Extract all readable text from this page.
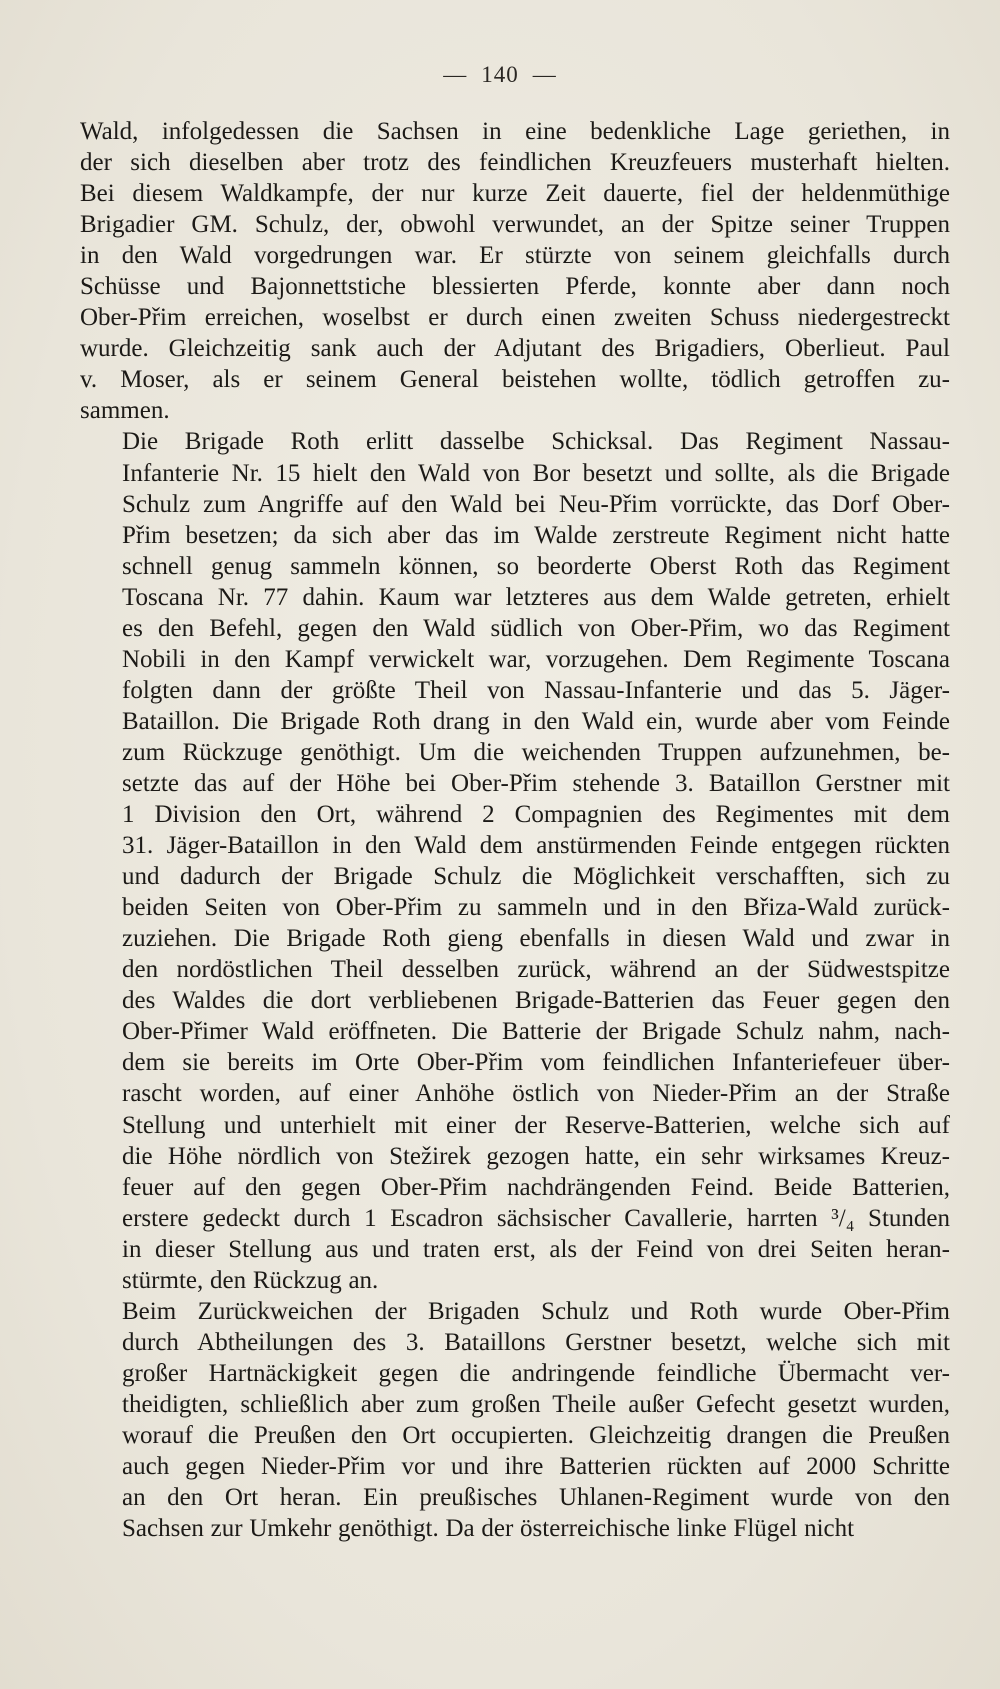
— 140 —

Wald, infolgedessen die Sachsen in eine bedenkliche Lage geriethen, in
der sich dieselben aber trotz des feindlichen Kreuzfeuers musterhaft hielten.
Bei diesem Waldkampfe, der nur kurze Zeit dauerte, fiel der heldenmüthige
Brigadier GM. Schulz, der, obwohl verwundet, an der Spitze seiner Truppen
in den Wald vorgedrungen war. Er stürzte von seinem gleichfalls durch
Schüsse und Bajonnettstiche blessierten Pferde, konnte aber dann noch
Ober-Přim erreichen, woselbst er durch einen zweiten Schuss niedergestreckt
wurde. Gleichzeitig sank auch der Adjutant des Brigadiers, Oberlieut. Paul
v. Moser, als er seinem General beistehen wollte, tödlich getroffen zu-
sammen.

Die Brigade Roth erlitt dasselbe Schicksal. Das Regiment Nassau-
Infanterie Nr. 15 hielt den Wald von Bor besetzt und sollte, als die Brigade
Schulz zum Angriffe auf den Wald bei Neu-Přim vorrückte, das Dorf Ober-
Přim besetzen; da sich aber das im Walde zerstreute Regiment nicht hatte
schnell genug sammeln können, so beorderte Oberst Roth das Regiment
Toscana Nr. 77 dahin. Kaum war letzteres aus dem Walde getreten, erhielt
es den Befehl, gegen den Wald südlich von Ober-Přim, wo das Regiment
Nobili in den Kampf verwickelt war, vorzugehen. Dem Regimente Toscana
folgten dann der größte Theil von Nassau-Infanterie und das 5. Jäger-
Bataillon. Die Brigade Roth drang in den Wald ein, wurde aber vom Feinde
zum Rückzuge genöthigt. Um die weichenden Truppen aufzunehmen, be-
setzte das auf der Höhe bei Ober-Přim stehende 3. Bataillon Gerstner mit
1 Division den Ort, während 2 Compagnien des Regimentes mit dem
31. Jäger-Bataillon in den Wald dem anstürmenden Feinde entgegen rückten
und dadurch der Brigade Schulz die Möglichkeit verschafften, sich zu
beiden Seiten von Ober-Přim zu sammeln und in den Břiza-Wald zurück-
zuziehen. Die Brigade Roth gieng ebenfalls in diesen Wald und zwar in
den nordöstlichen Theil desselben zurück, während an der Südwestspitze
des Waldes die dort verbliebenen Brigade-Batterien das Feuer gegen den
Ober-Přimer Wald eröffneten. Die Batterie der Brigade Schulz nahm, nach-
dem sie bereits im Orte Ober-Přim vom feindlichen Infanteriefeuer über-
rascht worden, auf einer Anhöhe östlich von Nieder-Přim an der Straße
Stellung und unterhielt mit einer der Reserve-Batterien, welche sich auf
die Höhe nördlich von Stežirek gezogen hatte, ein sehr wirksames Kreuz-
feuer auf den gegen Ober-Přim nachdrängenden Feind. Beide Batterien,
erstere gedeckt durch 1 Escadron sächsischer Cavallerie, harrten ³/₄ Stunden
in dieser Stellung aus und traten erst, als der Feind von drei Seiten heran-
stürmte, den Rückzug an.

Beim Zurückweichen der Brigaden Schulz und Roth wurde Ober-Přim
durch Abtheilungen des 3. Bataillons Gerstner besetzt, welche sich mit
großer Hartnäckigkeit gegen die andringende feindliche Übermacht ver-
theidigten, schließlich aber zum großen Theile außer Gefecht gesetzt wurden,
worauf die Preußen den Ort occupierten. Gleichzeitig drangen die Preußen
auch gegen Nieder-Přim vor und ihre Batterien rückten auf 2000 Schritte
an den Ort heran. Ein preußisches Uhlanen-Regiment wurde von den
Sachsen zur Umkehr genöthigt. Da der österreichische linke Flügel nicht
